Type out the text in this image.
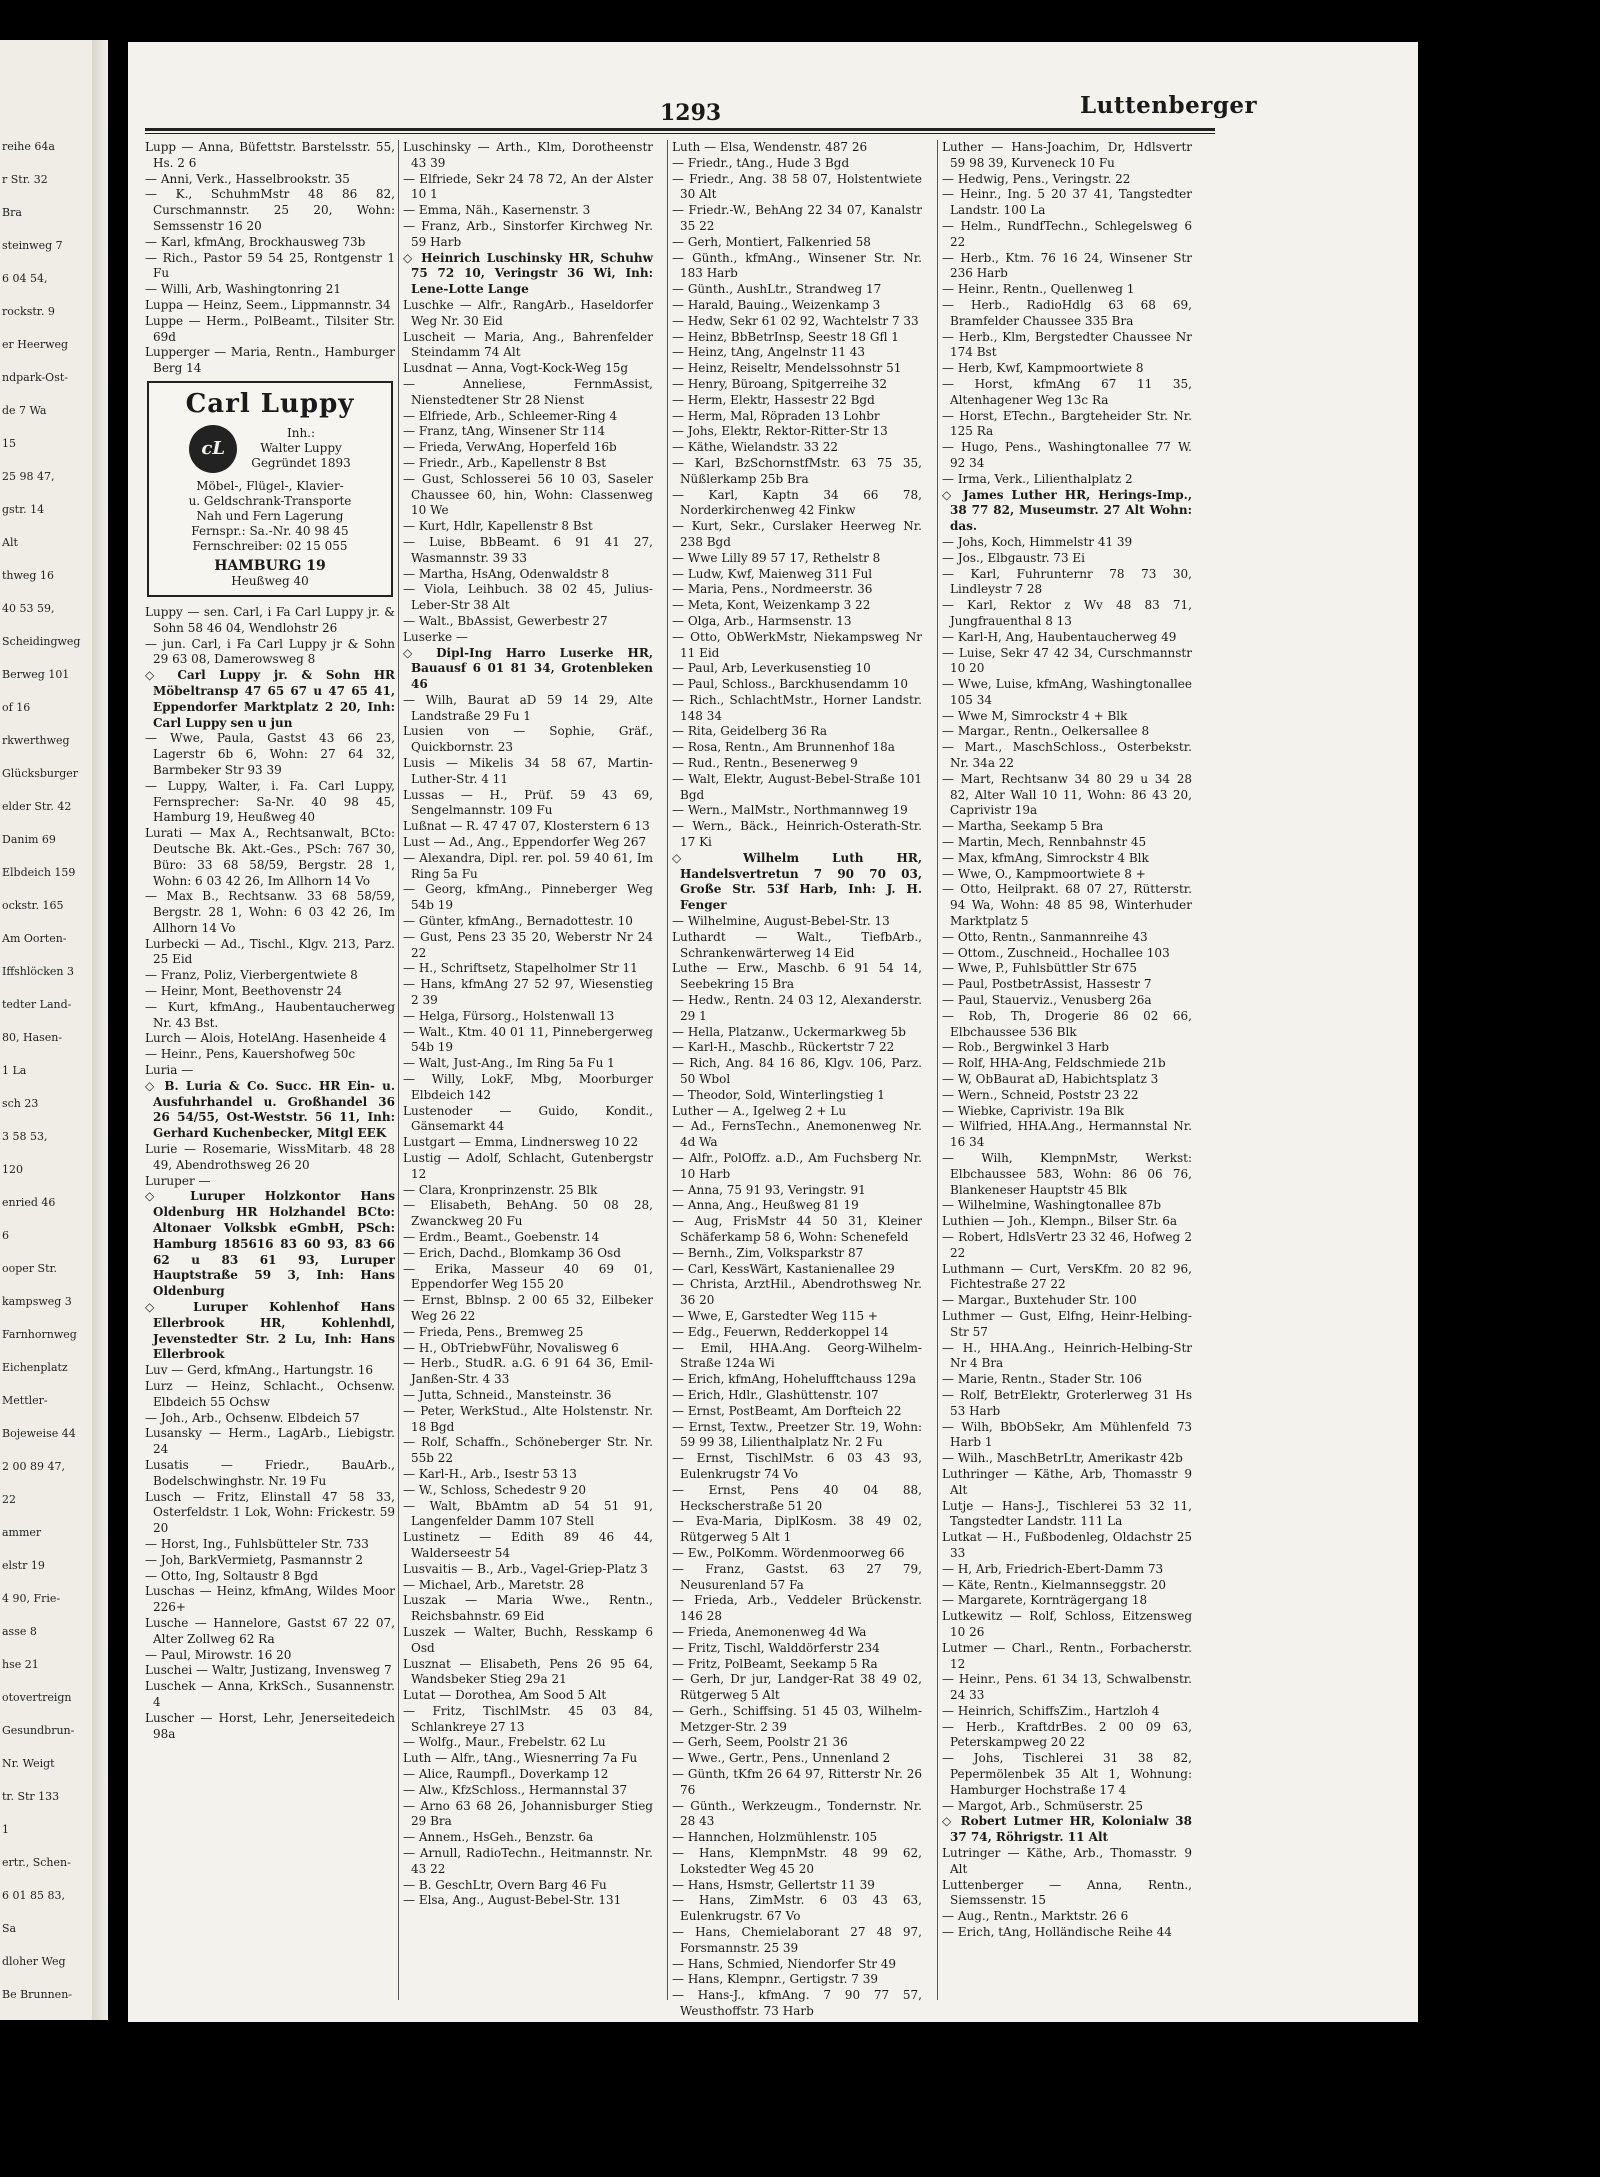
reihe 64a
r Str. 32
Bra
steinweg 7
6 04 54,
rockstr. 9
er Heerweg
ndpark-Ost-
de 7 Wa
15
25 98 47,
gstr. 14
Alt
thweg 16
40 53 59,
Scheidingweg
Berweg 101
of 16
rkwerthweg
Glücksburger
elder Str. 42
Danim 69
Elbdeich 159
ockstr. 165
Am Oorten-
Iffshlöcken 3
tedter Land-
80, Hasen-
1 La
sch 23
3 58 53,
120
enried 46
6
ooper Str.
kampsweg 3
Farnhornweg
Eichenplatz
Mettler-
Bojeweise 44
2 00 89 47,
22
ammer
elstr 19
4 90, Frie-
asse 8
hse 21
otovertreign
Gesundbrun-
Nr. Weigt
tr. Str 133
1
ertr., Schen-
6 01 85 83,
Sa
dloher Weg
Be Brunnen-
1293	Luttenberger

Lupp — Anna, Büfettstr. Barstelsstr. 55, Hs. 2 6

— Anni, Verk., Hasselbrookstr. 35

— K., SchuhmMstr 48 86 82, Curschmannstr. 25 20, Wohn: Semssenstr 16 20

— Karl, kfmAng, Brockhausweg 73b

— Rich., Pastor 59 54 25, Rontgenstr 1 Fu

— Willi, Arb, Washingtonring 21

Luppa — Heinz, Seem., Lippmannstr. 34

Luppe — Herm., PolBeamt., Tilsiter Str. 69d

Lupperger — Maria, Rentn., Hamburger Berg 14

Carl Luppy
cL
Inh.:
Walter Luppy
Gegründet 1893
Möbel-, Flügel-, Klavier-
u. Geldschrank-Transporte
Nah und Fern Lagerung
Fernspr.: Sa.-Nr. 40 98 45
Fernschreiber: 02 15 055
HAMBURG 19
Heußweg 40

Luppy — sen. Carl, i Fa Carl Luppy jr. & Sohn 58 46 04, Wendlohstr 26

— jun. Carl, i Fa Carl Luppy jr & Sohn 29 63 08, Damerowsweg 8

◇ Carl Luppy jr. & Sohn HR Möbeltransp 47 65 67 u 47 65 41, Eppendorfer Marktplatz 2 20, Inh: Carl Luppy sen u jun

— Wwe, Paula, Gastst 43 66 23, Lagerstr 6b 6, Wohn: 27 64 32, Barmbeker Str 93 39

— Luppy, Walter, i. Fa. Carl Luppy, Fernsprecher: Sa-Nr. 40 98 45, Hamburg 19, Heußweg 40

Lurati — Max A., Rechtsanwalt, BCto: Deutsche Bk. Akt.-Ges., PSch: 767 30, Büro: 33 68 58/59, Bergstr. 28 1, Wohn: 6 03 42 26, Im Allhorn 14 Vo

— Max B., Rechtsanw. 33 68 58/59, Bergstr. 28 1, Wohn: 6 03 42 26, Im Allhorn 14 Vo

Lurbecki — Ad., Tischl., Klgv. 213, Parz. 25 Eid

— Franz, Poliz, Vierbergentwiete 8

— Heinr, Mont, Beethovenstr 24

— Kurt, kfmAng., Haubentaucherweg Nr. 43 Bst.

Lurch — Alois, HotelAng. Hasenheide 4

— Heinr., Pens, Kauershofweg 50c

Luria —

◇ B. Luria & Co. Succ. HR Ein- u. Ausfuhrhandel u. Großhandel 36 26 54/55, Ost-Weststr. 56 11, Inh: Gerhard Kuchenbecker, Mitgl EEK

Lurie — Rosemarie, WissMitarb. 48 28 49, Abendrothsweg 26 20

Luruper —

◇ Luruper Holzkontor Hans Oldenburg HR Holzhandel BCto: Altonaer Volksbk eGmbH, PSch: Hamburg 185616 83 60 93, 83 66 62 u 83 61 93, Luruper Hauptstraße 59 3, Inh: Hans Oldenburg

◇ Luruper Kohlenhof Hans Ellerbrook HR, Kohlenhdl, Jevenstedter Str. 2 Lu, Inh: Hans Ellerbrook

Luv — Gerd, kfmAng., Hartungstr. 16

Lurz — Heinz, Schlacht., Ochsenw. Elbdeich 55 Ochsw

— Joh., Arb., Ochsenw. Elbdeich 57

Lusansky — Herm., LagArb., Liebigstr. 24

Lusatis — Friedr., BauArb., Bodelschwinghstr. Nr. 19 Fu

Lusch — Fritz, Elinstall 47 58 33, Osterfeldstr. 1 Lok, Wohn: Frickestr. 59 20

— Horst, Ing., Fuhlsbütteler Str. 733

— Joh, BarkVermietg, Pasmannstr 2

— Otto, Ing, Soltaustr 8 Bgd

Luschas — Heinz, kfmAng, Wildes Moor 226+

Lusche — Hannelore, Gastst 67 22 07, Alter Zollweg 62 Ra

— Paul, Mirowstr. 16 20

Luschei — Waltr, Justizang, Invensweg 7

Luschek — Anna, KrkSch., Susannenstr. 4

Luscher — Horst, Lehr, Jenerseitedeich 98a

Luschinsky — Arth., Klm, Dorotheenstr 43 39

— Elfriede, Sekr 24 78 72, An der Alster 10 1

— Emma, Näh., Kasernenstr. 3

— Franz, Arb., Sinstorfer Kirchweg Nr. 59 Harb

◇ Heinrich Luschinsky HR, Schuhw 75 72 10, Veringstr 36 Wi, Inh: Lene-Lotte Lange

Luschke — Alfr., RangArb., Haseldorfer Weg Nr. 30 Eid

Luscheit — Maria, Ang., Bahrenfelder Steindamm 74 Alt

Lusdnat — Anna, Vogt-Kock-Weg 15g

— Anneliese, FernmAssist, Nienstedtener Str 28 Nienst

— Elfriede, Arb., Schleemer-Ring 4

— Franz, tAng, Winsener Str 114

— Frieda, VerwAng, Hoperfeld 16b

— Friedr., Arb., Kapellenstr 8 Bst

— Gust, Schlosserei 56 10 03, Saseler Chaussee 60, hin, Wohn: Classenweg 10 We

— Kurt, Hdlr, Kapellenstr 8 Bst

— Luise, BbBeamt. 6 91 41 27, Wasmannstr. 39 33

— Martha, HsAng, Odenwaldstr 8

— Viola, Leihbuch. 38 02 45, Julius-Leber-Str 38 Alt

— Walt., BbAssist, Gewerbestr 27

Luserke —

◇ Dipl-Ing Harro Luserke HR, Bauausf 6 01 81 34, Grotenbleken 46

— Wilh, Baurat aD 59 14 29, Alte Landstraße 29 Fu 1

Lusien von — Sophie, Gräf., Quickbornstr. 23

Lusis — Mikelis 34 58 67, Martin-Luther-Str. 4 11

Lussas — H., Prüf. 59 43 69, Sengelmannstr. 109 Fu

Lußnat — R. 47 47 07, Klosterstern 6 13

Lust — Ad., Ang., Eppendorfer Weg 267

— Alexandra, Dipl. rer. pol. 59 40 61, Im Ring 5a Fu

— Georg, kfmAng., Pinneberger Weg 54b 19

— Günter, kfmAng., Bernadottestr. 10

— Gust, Pens 23 35 20, Weberstr Nr 24 22

— H., Schriftsetz, Stapelholmer Str 11

— Hans, kfmAng 27 52 97, Wiesenstieg 2 39

— Helga, Fürsorg., Holstenwall 13

— Walt., Ktm. 40 01 11, Pinnebergerweg 54b 19

— Walt, Just-Ang., Im Ring 5a Fu 1

— Willy, LokF, Mbg, Moorburger Elbdeich 142

Lustenoder — Guido, Kondit., Gänsemarkt 44

Lustgart — Emma, Lindnersweg 10 22

Lustig — Adolf, Schlacht, Gutenbergstr 12

— Clara, Kronprinzenstr. 25 Blk

— Elisabeth, BehAng. 50 08 28, Zwanckweg 20 Fu

— Erdm., Beamt., Goebenstr. 14

— Erich, Dachd., Blomkamp 36 Osd

— Erika, Masseur 40 69 01, Eppendorfer Weg 155 20

— Ernst, Bblnsp. 2 00 65 32, Eilbeker Weg 26 22

— Frieda, Pens., Bremweg 25

— H., ObTriebwFühr, Novalisweg 6

— Herb., StudR. a.G. 6 91 64 36, Emil-Janßen-Str. 4 33

— Jutta, Schneid., Mansteinstr. 36

— Peter, WerkStud., Alte Holstenstr. Nr. 18 Bgd

— Rolf, Schaffn., Schöneberger Str. Nr. 55b 22

— Karl-H., Arb., Isestr 53 13

— W., Schloss, Schedestr 9 20

— Walt, BbAmtm aD 54 51 91, Langenfelder Damm 107 Stell

Lustinetz — Edith 89 46 44, Walderseestr 54

Lusvaitis — B., Arb., Vagel-Griep-Platz 3

— Michael, Arb., Maretstr. 28

Luszak — Maria Wwe., Rentn., Reichsbahnstr. 69 Eid

Luszek — Walter, Buchh, Resskamp 6 Osd

Lusznat — Elisabeth, Pens 26 95 64, Wandsbeker Stieg 29a 21

Lutat — Dorothea, Am Sood 5 Alt

— Fritz, TischlMstr. 45 03 84, Schlankreye 27 13

— Wolfg., Maur., Frebelstr. 62 Lu

Luth — Alfr., tAng., Wiesnerring 7a Fu

— Alice, Raumpfl., Doverkamp 12

— Alw., KfzSchloss., Hermannstal 37

— Arno 63 68 26, Johannisburger Stieg 29 Bra

— Annem., HsGeh., Benzstr. 6a

— Arnull, RadioTechn., Heitmannstr. Nr. 43 22

— B. GeschLtr, Overn Barg 46 Fu

— Elsa, Ang., August-Bebel-Str. 131

Luth — Elsa, Wendenstr. 487 26

— Friedr., tAng., Hude 3 Bgd

— Friedr., Ang. 38 58 07, Holstentwiete 30 Alt

— Friedr.-W., BehAng 22 34 07, Kanalstr 35 22

— Gerh, Montiert, Falkenried 58

— Günth., kfmAng., Winsener Str. Nr. 183 Harb

— Günth., AushLtr., Strandweg 17

— Harald, Bauing., Weizenkamp 3

— Hedw, Sekr 61 02 92, Wachtelstr 7 33

— Heinz, BbBetrInsp, Seestr 18 Gfl 1

— Heinz, tAng, Angelnstr 11 43

— Heinz, Reiseltr, Mendelssohnstr 51

— Henry, Büroang, Spitgerreihe 32

— Herm, Elektr, Hassestr 22 Bgd

— Herm, Mal, Röpraden 13 Lohbr

— Johs, Elektr, Rektor-Ritter-Str 13

— Käthe, Wielandstr. 33 22

— Karl, BzSchornstfMstr. 63 75 35, Nüßlerkamp 25b Bra

— Karl, Kaptn 34 66 78, Norderkirchenweg 42 Finkw

— Kurt, Sekr., Curslaker Heerweg Nr. 238 Bgd

— Wwe Lilly 89 57 17, Rethelstr 8

— Ludw, Kwf, Maienweg 311 Ful

— Maria, Pens., Nordmeerstr. 36

— Meta, Kont, Weizenkamp 3 22

— Olga, Arb., Harmsenstr. 13

— Otto, ObWerkMstr, Niekampsweg Nr 11 Eid

— Paul, Arb, Leverkusenstieg 10

— Paul, Schloss., Barckhusendamm 10

— Rich., SchlachtMstr., Horner Landstr. 148 34

— Rita, Geidelberg 36 Ra

— Rosa, Rentn., Am Brunnenhof 18a

— Rud., Rentn., Besenerweg 9

— Walt, Elektr, August-Bebel-Straße 101 Bgd

— Wern., MalMstr., Northmannweg 19

— Wern., Bäck., Heinrich-Osterath-Str. 17 Ki

◇ Wilhelm Luth HR, Handelsvertretun 7 90 70 03, Große Str. 53f Harb, Inh: J. H. Fenger

— Wilhelmine, August-Bebel-Str. 13

Luthardt — Walt., TiefbArb., Schrankenwärterweg 14 Eid

Luthe — Erw., Maschb. 6 91 54 14, Seebekring 15 Bra

— Hedw., Rentn. 24 03 12, Alexanderstr. 29 1

— Hella, Platzanw., Uckermarkweg 5b

— Karl-H., Maschb., Rückertstr 7 22

— Rich, Ang. 84 16 86, Klgv. 106, Parz. 50 Wbol

— Theodor, Sold, Winterlingstieg 1

Luther — A., Igelweg 2 + Lu

— Ad., FernsTechn., Anemonenweg Nr. 4d Wa

— Alfr., PolOffz. a.D., Am Fuchsberg Nr. 10 Harb

— Anna, 75 91 93, Veringstr. 91

— Anna, Ang., Heußweg 81 19

— Aug, FrisMstr 44 50 31, Kleiner Schäferkamp 58 6, Wohn: Schenefeld

— Bernh., Zim, Volksparkstr 87

— Carl, KessWärt, Kastanienallee 29

— Christa, ArztHil., Abendrothsweg Nr. 36 20

— Wwe, E, Garstedter Weg 115 +

— Edg., Feuerwn, Redderkoppel 14

— Emil, HHA.Ang. Georg-Wilhelm-Straße 124a Wi

— Erich, kfmAng, Hohelufftchauss 129a

— Erich, Hdlr., Glashüttenstr. 107

— Ernst, PostBeamt, Am Dorfteich 22

— Ernst, Textw., Preetzer Str. 19, Wohn: 59 99 38, Lilienthalplatz Nr. 2 Fu

— Ernst, TischlMstr. 6 03 43 93, Eulenkrugstr 74 Vo

— Ernst, Pens 40 04 88, Heckscherstraße 51 20

— Eva-Maria, DiplKosm. 38 49 02, Rütgerweg 5 Alt 1

— Ew., PolKomm. Wördenmoorweg 66

— Franz, Gastst. 63 27 79, Neusurenland 57 Fa

— Frieda, Arb., Veddeler Brückenstr. 146 28

— Frieda, Anemonenweg 4d Wa

— Fritz, Tischl, Walddörferstr 234

— Fritz, PolBeamt, Seekamp 5 Ra

— Gerh, Dr jur, Landger-Rat 38 49 02, Rütgerweg 5 Alt

— Gerh., Schiffsing. 51 45 03, Wilhelm-Metzger-Str. 2 39

— Gerh, Seem, Poolstr 21 36

— Wwe., Gertr., Pens., Unnenland 2

— Günth, tKfm 26 64 97, Ritterstr Nr. 26 76

— Günth., Werkzeugm., Tondernstr. Nr. 28 43

— Hannchen, Holzmühlenstr. 105

— Hans, KlempnMstr. 48 99 62, Lokstedter Weg 45 20

— Hans, Hsmstr, Gellertstr 11 39

— Hans, ZimMstr. 6 03 43 63, Eulenkrugstr. 67 Vo

— Hans, Chemielaborant 27 48 97, Forsmannstr. 25 39

— Hans, Schmied, Niendorfer Str 49

— Hans, Klempnr., Gertigstr. 7 39

— Hans-J., kfmAng. 7 90 77 57, Weusthoffstr. 73 Harb

Luther — Hans-Joachim, Dr, Hdlsvertr 59 98 39, Kurveneck 10 Fu

— Hedwig, Pens., Veringstr. 22

— Heinr., Ing. 5 20 37 41, Tangstedter Landstr. 100 La

— Helm., RundfTechn., Schlegelsweg 6 22

— Herb., Ktm. 76 16 24, Winsener Str 236 Harb

— Heinr., Rentn., Quellenweg 1

— Herb., RadioHdlg 63 68 69, Bramfelder Chaussee 335 Bra

— Herb., Klm, Bergstedter Chaussee Nr 174 Bst

— Herb, Kwf, Kampmoortwiete 8

— Horst, kfmAng 67 11 35, Altenhagener Weg 13c Ra

— Horst, ETechn., Bargteheider Str. Nr. 125 Ra

— Hugo, Pens., Washingtonallee 77 W. 92 34

— Irma, Verk., Lilienthalplatz 2

◇ James Luther HR, Herings-Imp., 38 77 82, Museumstr. 27 Alt Wohn: das.

— Johs, Koch, Himmelstr 41 39

— Jos., Elbgaustr. 73 Ei

— Karl, Fuhrunternr 78 73 30, Lindleystr 7 28

— Karl, Rektor z Wv 48 83 71, Jungfrauenthal 8 13

— Karl-H, Ang, Haubentaucherweg 49

— Luise, Sekr 47 42 34, Curschmannstr 10 20

— Wwe, Luise, kfmAng, Washingtonallee 105 34

— Wwe M, Simrockstr 4 + Blk

— Margar., Rentn., Oelkersallee 8

— Mart., MaschSchloss., Osterbekstr. Nr. 34a 22

— Mart, Rechtsanw 34 80 29 u 34 28 82, Alter Wall 10 11, Wohn: 86 43 20, Caprivistr 19a

— Martha, Seekamp 5 Bra

— Martin, Mech, Rennbahnstr 45

— Max, kfmAng, Simrockstr 4 Blk

— Wwe, O., Kampmoortwiete 8 +

— Otto, Heilprakt. 68 07 27, Rütterstr. 94 Wa, Wohn: 48 85 98, Winterhuder Marktplatz 5

— Otto, Rentn., Sanmannreihe 43

— Ottom., Zuschneid., Hochallee 103

— Wwe, P., Fuhlsbüttler Str 675

— Paul, PostbetrAssist, Hassestr 7

— Paul, Stauerviz., Venusberg 26a

— Rob, Th, Drogerie 86 02 66, Elbchaussee 536 Blk

— Rob., Bergwinkel 3 Harb

— Rolf, HHA-Ang, Feldschmiede 21b

— W, ObBaurat aD, Habichtsplatz 3

— Wern., Schneid, Poststr 23 22

— Wiebke, Caprivistr. 19a Blk

— Wilfried, HHA.Ang., Hermannstal Nr. 16 34

— Wilh, KlempnMstr, Werkst: Elbchaussee 583, Wohn: 86 06 76, Blankeneser Hauptstr 45 Blk

— Wilhelmine, Washingtonallee 87b

Luthien — Joh., Klempn., Bilser Str. 6a

— Robert, HdlsVertr 23 32 46, Hofweg 2 22

Luthmann — Curt, VersKfm. 20 82 96, Fichtestraße 27 22

— Margar., Buxtehuder Str. 100

Luthmer — Gust, Elfng, Heinr-Helbing-Str 57

— H., HHA.Ang., Heinrich-Helbing-Str Nr 4 Bra

— Marie, Rentn., Stader Str. 106

— Rolf, BetrElektr, Groterlerweg 31 Hs 53 Harb

— Wilh, BbObSekr, Am Mühlenfeld 73 Harb 1

— Wilh., MaschBetrLtr, Amerikastr 42b

Luthringer — Käthe, Arb, Thomasstr 9 Alt

Lutje — Hans-J., Tischlerei 53 32 11, Tangstedter Landstr. 111 La

Lutkat — H., Fußbodenleg, Oldachstr 25 33

— H, Arb, Friedrich-Ebert-Damm 73

— Käte, Rentn., Kielmannseggstr. 20

— Margarete, Kornträgergang 18

Lutkewitz — Rolf, Schloss, Eitzensweg 10 26

Lutmer — Charl., Rentn., Forbacherstr. 12

— Heinr., Pens. 61 34 13, Schwalbenstr. 24 33

— Heinrich, SchiffsZim., Hartzloh 4

— Herb., KraftdrBes. 2 00 09 63, Peterskampweg 20 22

— Johs, Tischlerei 31 38 82, Pepermölenbek 35 Alt 1, Wohnung: Hamburger Hochstraße 17 4

— Margot, Arb., Schmüserstr. 25

◇ Robert Lutmer HR, Kolonialw 38 37 74, Röhrigstr. 11 Alt

Lutringer — Käthe, Arb., Thomasstr. 9 Alt

Luttenberger — Anna, Rentn., Siemssenstr. 15

— Aug., Rentn., Marktstr. 26 6

— Erich, tAng, Holländische Reihe 44
